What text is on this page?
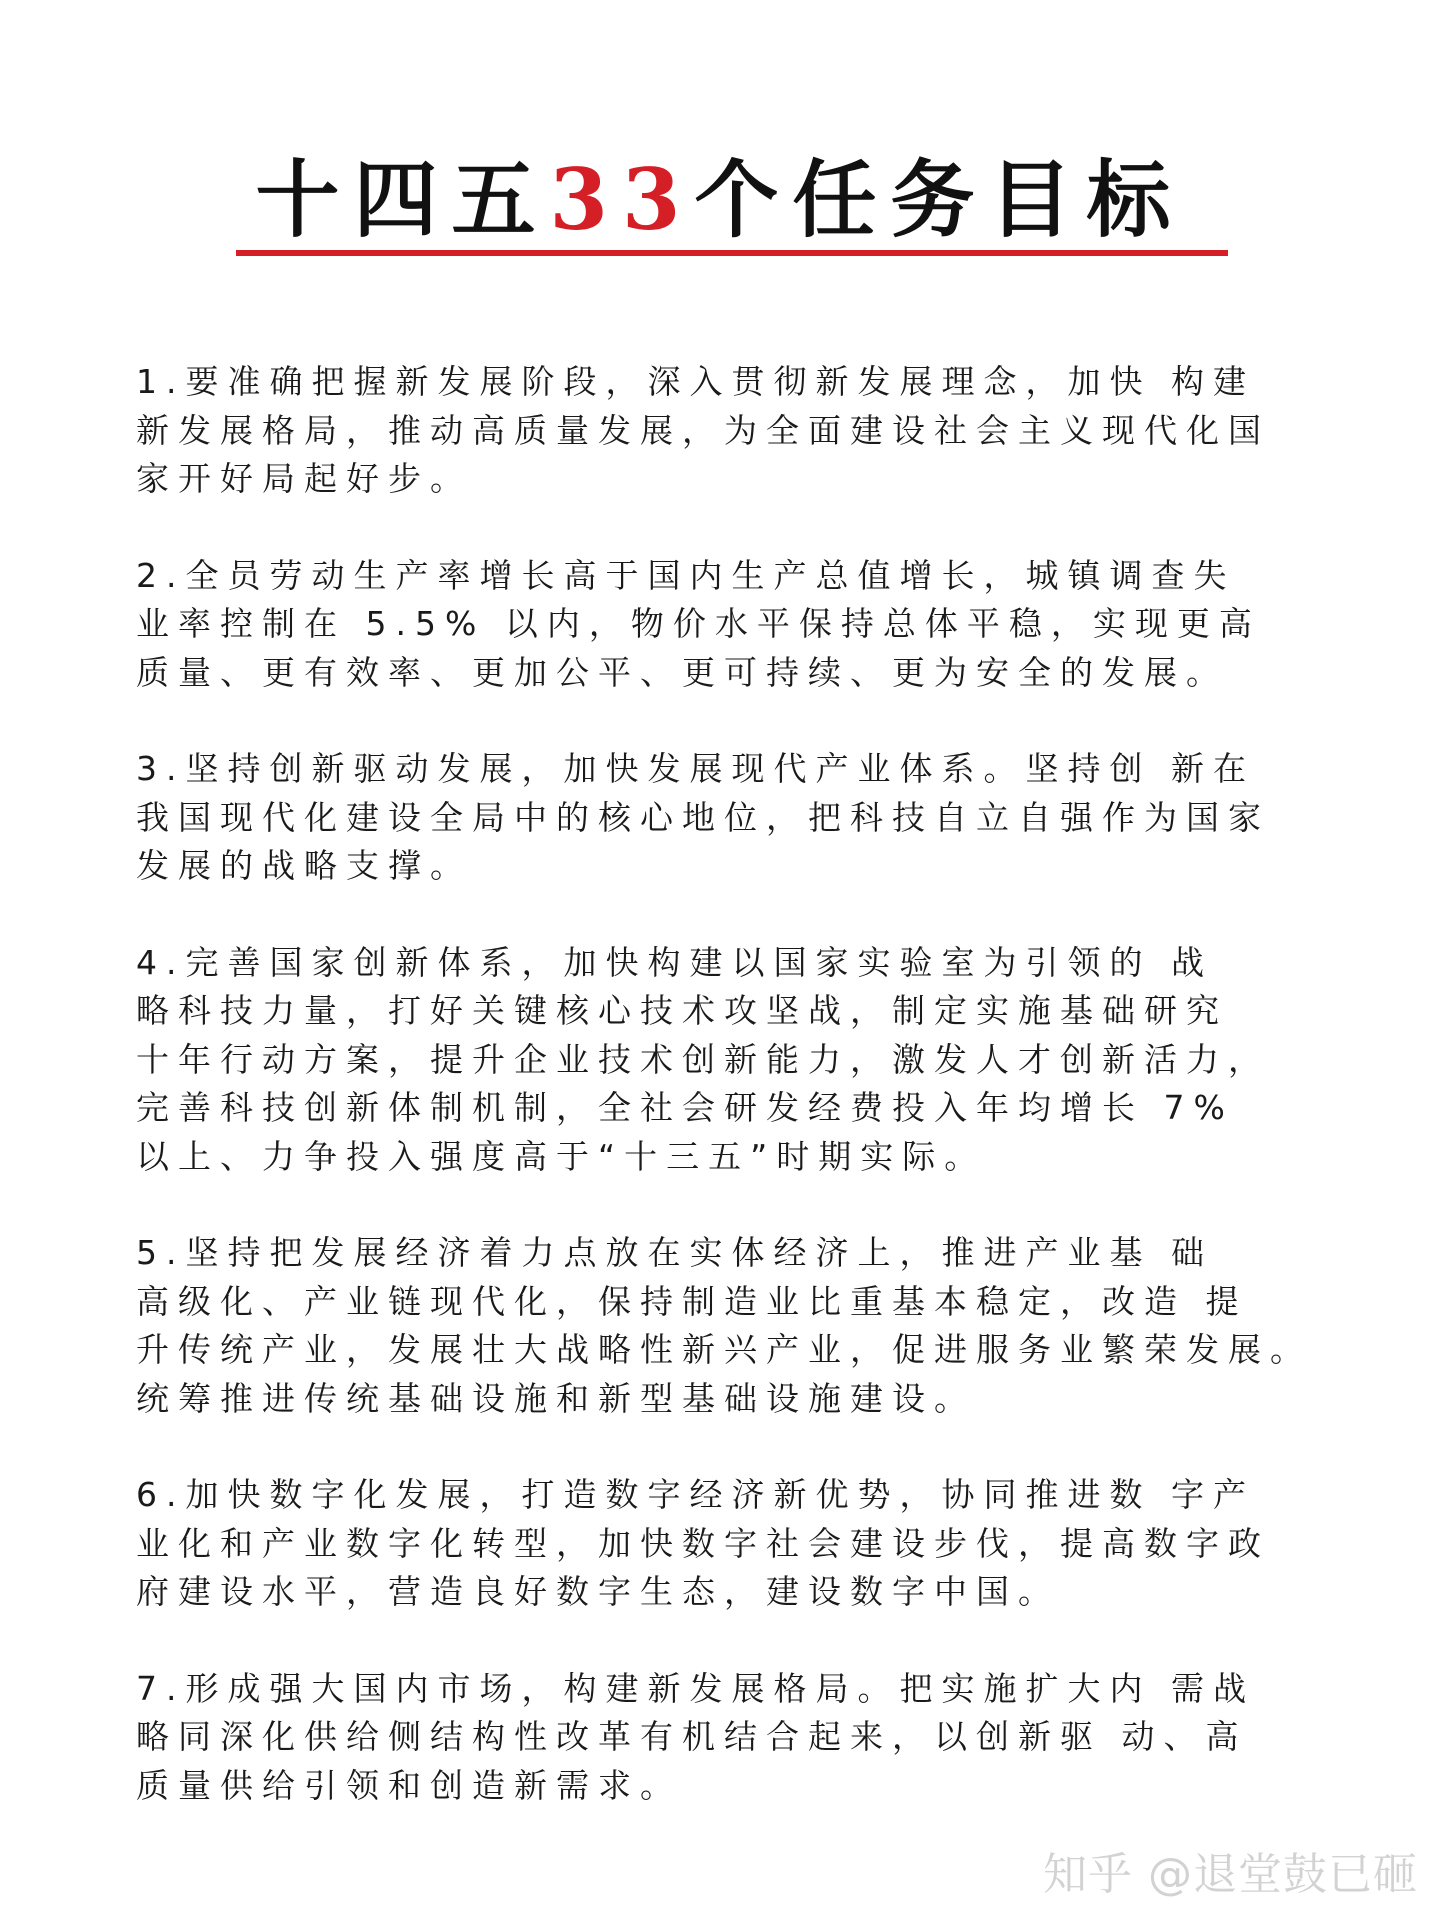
十四五33个任务目标

1.要准确把握新发展阶段，深入贯彻新发展理念，加快 构建
新发展格局，推动高质量发展，为全面建设社会主义现代化国
家开好局起好步。

2.全员劳动生产率增长高于国内生产总值增长，城镇调查失
业率控制在 5.5% 以内，物价水平保持总体平稳，实现更高
质量、更有效率、更加公平、更可持续、更为安全的发展。

3.坚持创新驱动发展，加快发展现代产业体系。坚持创 新在
我国现代化建设全局中的核心地位，把科技自立自强作为国家
发展的战略支撑。

4.完善国家创新体系，加快构建以国家实验室为引领的 战
略科技力量，打好关键核心技术攻坚战，制定实施基础研究
十年行动方案，提升企业技术创新能力，激发人才创新活力，
完善科技创新体制机制，全社会研发经费投入年均增长 7%
以上、力争投入强度高于“十三五”时期实际。

5.坚持把发展经济着力点放在实体经济上，推进产业基 础
高级化、产业链现代化，保持制造业比重基本稳定，改造 提
升传统产业，发展壮大战略性新兴产业，促进服务业繁荣发展。
统筹推进传统基础设施和新型基础设施建设。

6.加快数字化发展，打造数字经济新优势，协同推进数 字产
业化和产业数字化转型，加快数字社会建设步伐，提高数字政
府建设水平，营造良好数字生态，建设数字中国。

7.形成强大国内市场，构建新发展格局。把实施扩大内 需战
略同深化供给侧结构性改革有机结合起来，以创新驱 动、高
质量供给引领和创造新需求。

知乎 @退堂鼓已砸
